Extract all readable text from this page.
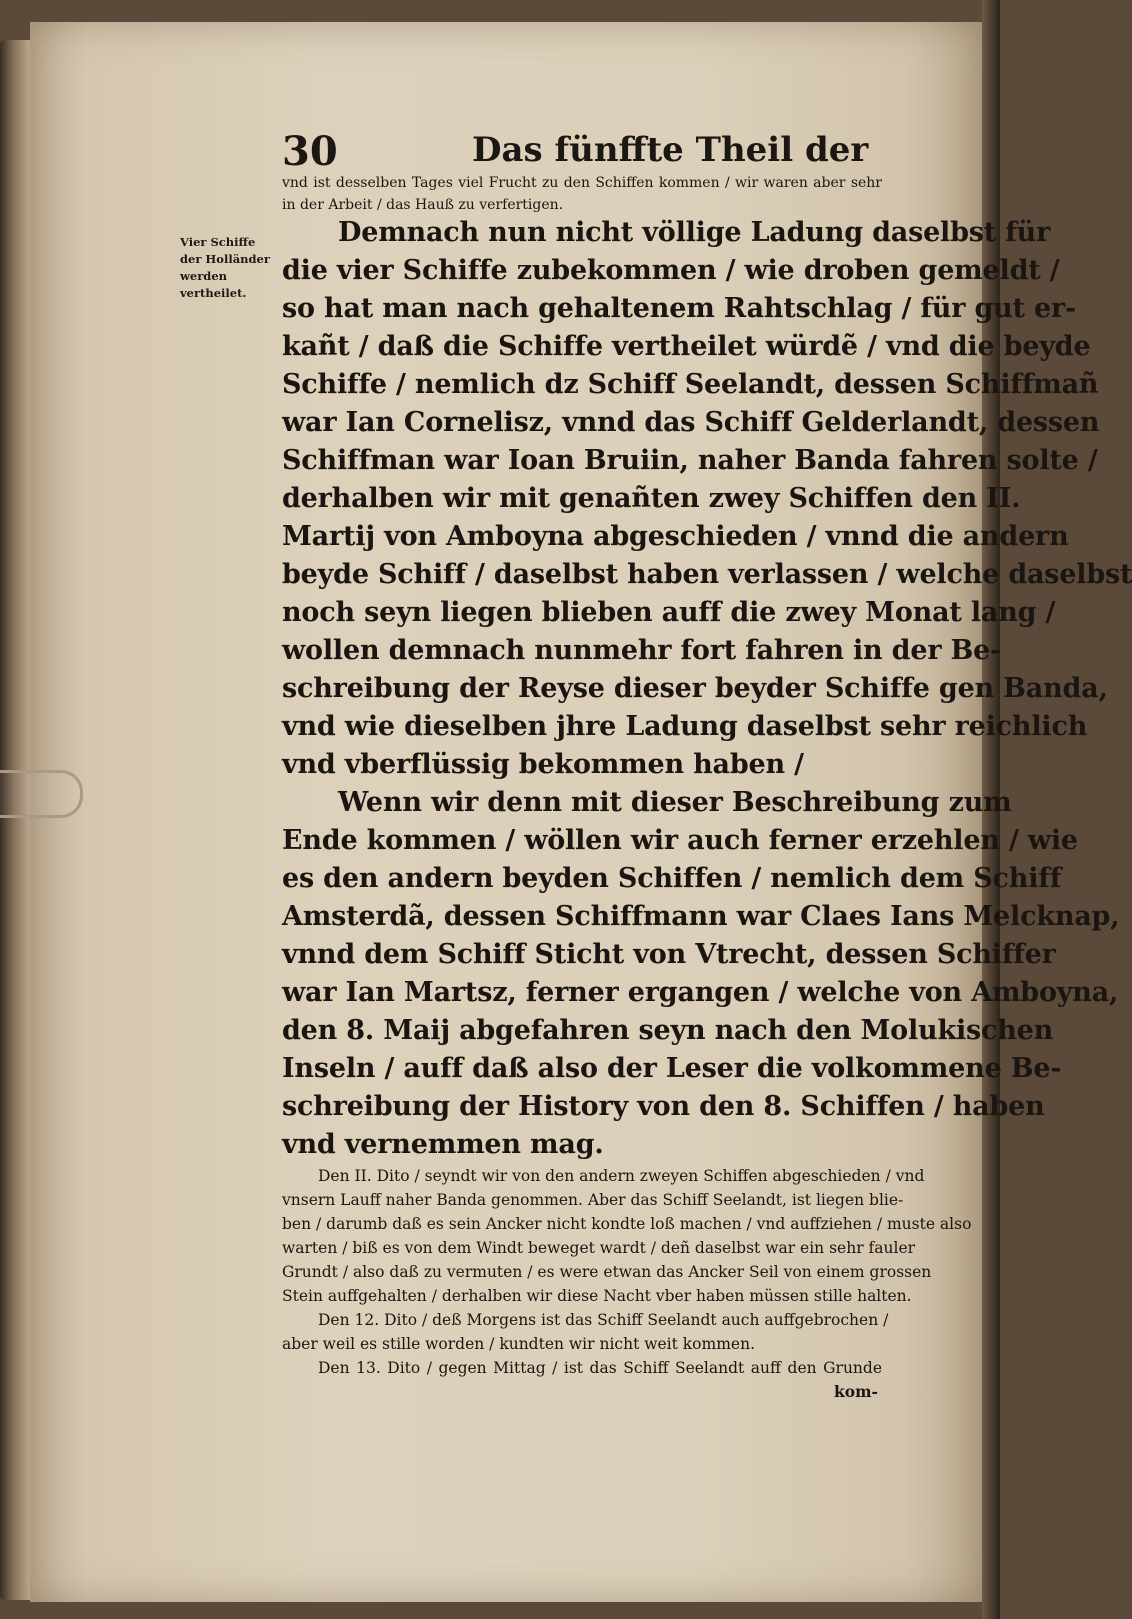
30	Das fünffte Theil der
Vier Schiffe der Holländer werden vertheilet.
vnd ist desselben Tages viel Frucht zu den Schiffen kommen / wir waren aber sehr
in der Arbeit / das Hauß zu verfertigen.
Demnach nun nicht völlige Ladung daselbst für
die vier Schiffe zubekommen / wie droben gemeldt /
so hat man nach gehaltenem Rahtschlag / für gut er-
kañt / daß die Schiffe vertheilet würdẽ / vnd die beyde
Schiffe / nemlich dz Schiff Seelandt, dessen Schiffmañ
war Ian Cornelisz, vnnd das Schiff Gelderlandt, dessen
Schiffman war Ioan Bruiin, naher Banda fahren solte /
derhalben wir mit genañten zwey Schiffen den II.
Martij von Amboyna abgeschieden / vnnd die andern
beyde Schiff / daselbst haben verlassen / welche daselbst
noch seyn liegen blieben auff die zwey Monat lang /
wollen demnach nunmehr fort fahren in der Be-
schreibung der Reyse dieser beyder Schiffe gen Banda,
vnd wie dieselben jhre Ladung daselbst sehr reichlich
vnd vberflüssig bekommen haben /
Wenn wir denn mit dieser Beschreibung zum
Ende kommen / wöllen wir auch ferner erzehlen / wie
es den andern beyden Schiffen / nemlich dem Schiff
Amsterdã, dessen Schiffmann war Claes Ians Melcknap,
vnnd dem Schiff Sticht von Vtrecht, dessen Schiffer
war Ian Martsz, ferner ergangen / welche von Amboyna,
den 8. Maij abgefahren seyn nach den Molukischen
Inseln / auff daß also der Leser die volkommene Be-
schreibung der History von den 8. Schiffen / haben
vnd vernemmen mag.
Den II. Dito / seyndt wir von den andern zweyen Schiffen abgeschieden / vnd
vnsern Lauff naher Banda genommen. Aber das Schiff Seelandt, ist liegen blie-
ben / darumb daß es sein Ancker nicht kondte loß machen / vnd auffziehen / muste also
warten / biß es von dem Windt beweget wardt / deñ daselbst war ein sehr fauler
Grundt / also daß zu vermuten / es were etwan das Ancker Seil von einem grossen
Stein auffgehalten / derhalben wir diese Nacht vber haben müssen stille halten.
Den 12. Dito / deß Morgens ist das Schiff Seelandt auch auffgebrochen /
aber weil es stille worden / kundten wir nicht weit kommen.
Den 13. Dito / gegen Mittag / ist das Schiff Seelandt auff den Grunde
kom-
